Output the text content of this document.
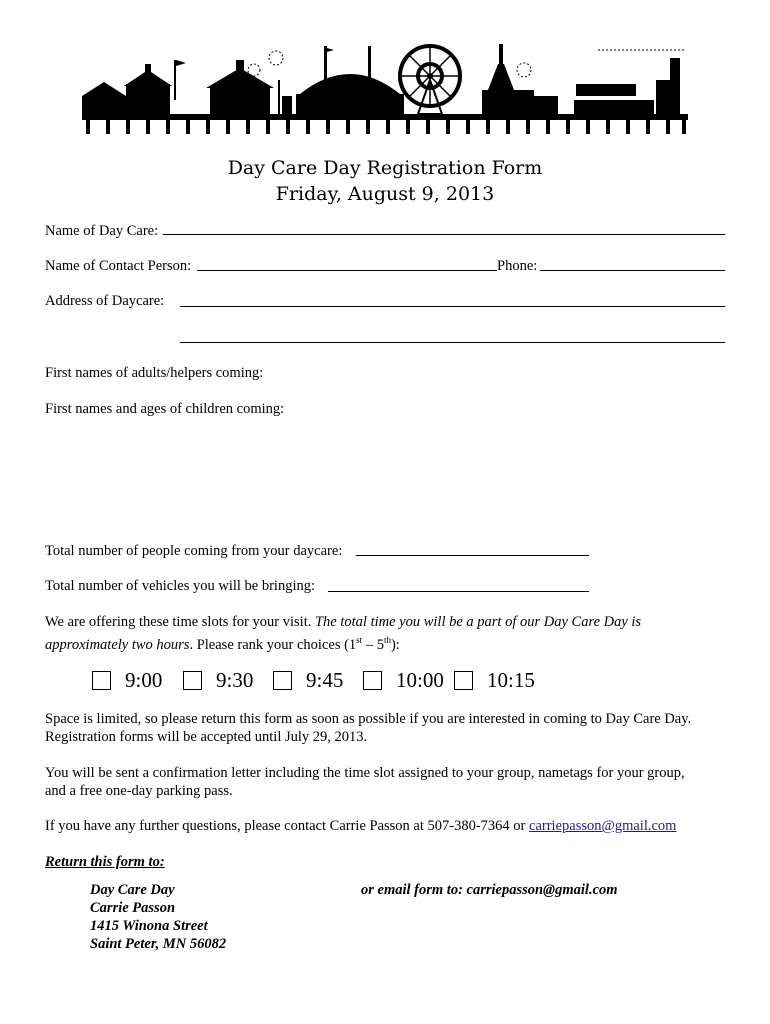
Day Care Day Registration Form
Friday, August 9, 2013
Name of Day Care:
Name of Contact Person:	Phone:
Address of Daycare:
First names of adults/helpers coming:
First names and ages of children coming:
Total number of people coming from your daycare:
Total number of vehicles you will be bringing:
We are offering these time slots for your visit. The total time you will be a part of our Day Care Day is
approximately two hours. Please rank your choices (1st – 5th):
9:00	9:30	9:45	10:00 10:15
Space is limited, so please return this form as soon as possible if you are interested in coming to Day Care Day.
Registration forms will be accepted until July 29, 2013.
You will be sent a confirmation letter including the time slot assigned to your group, nametags for your group,
and a free one-day parking pass.
If you have any further questions, please contact Carrie Passon at 507-380-7364 or carriepasson@gmail.com
Return this form to:
Day Care Day
Carrie Passon
1415 Winona Street
Saint Peter, MN 56082
or email form to: carriepasson@gmail.com
